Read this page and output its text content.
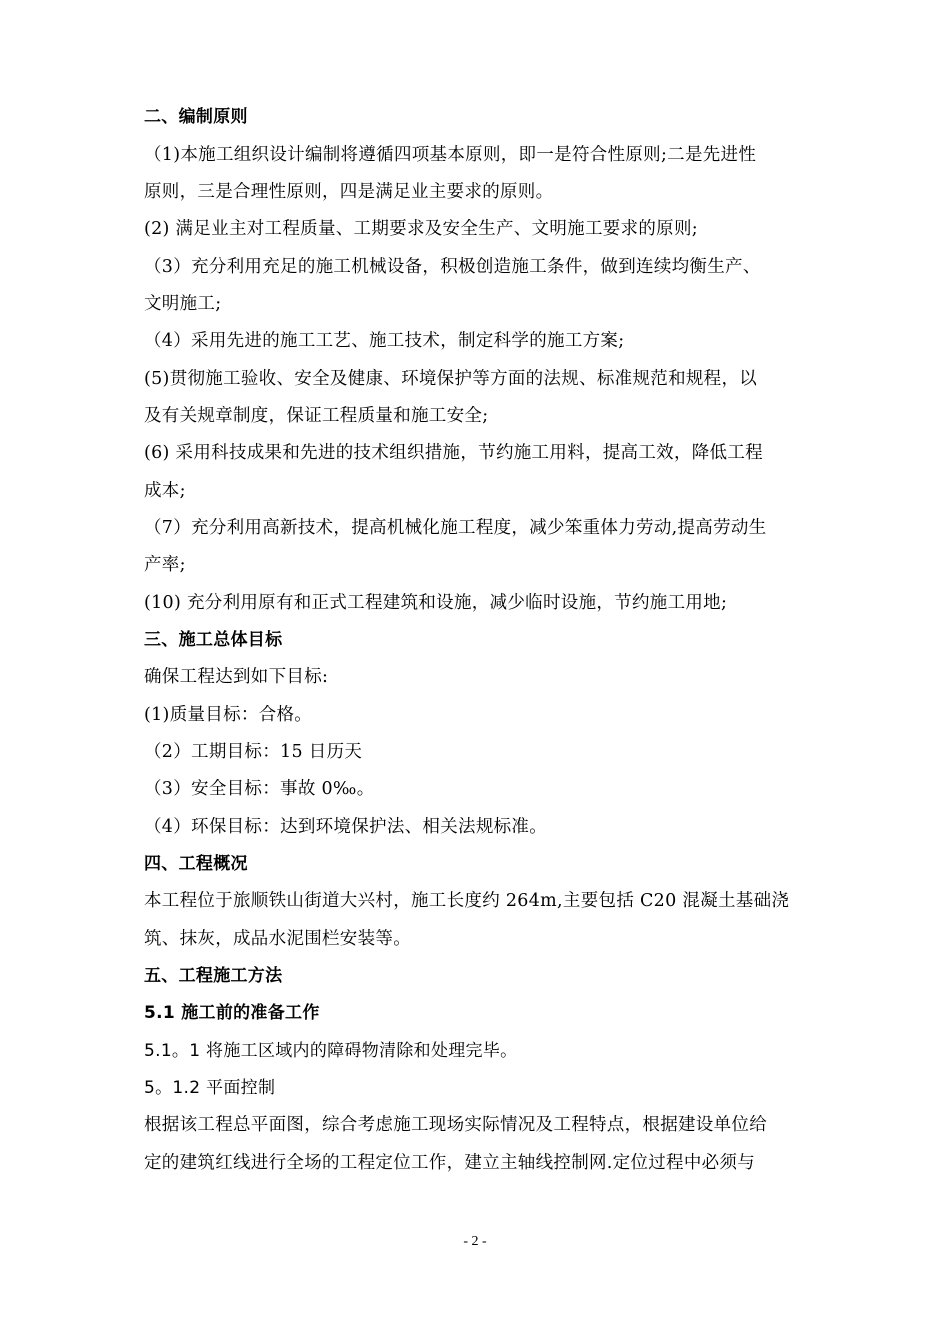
二、编制原则
（1)本施工组织设计编制将遵循四项基本原则，即一是符合性原则;二是先进性
原则，三是合理性原则，四是满足业主要求的原则。
(2) 满足业主对工程质量、工期要求及安全生产、文明施工要求的原则;
（3）充分利用充足的施工机械设备，积极创造施工条件，做到连续均衡生产、
文明施工;
（4）采用先进的施工工艺、施工技术，制定科学的施工方案;
(5)贯彻施工验收、安全及健康、环境保护等方面的法规、标准规范和规程，以
及有关规章制度，保证工程质量和施工安全;
(6) 采用科技成果和先进的技术组织措施，节约施工用料，提高工效，降低工程
成本;
（7）充分利用高新技术，提高机械化施工程度，减少笨重体力劳动,提高劳动生
产率;
(10) 充分利用原有和正式工程建筑和设施，减少临时设施，节约施工用地;
三、施工总体目标
确保工程达到如下目标:
(1)质量目标：合格。
（2）工期目标：15 日历天
（3）安全目标：事故 0‰。
（4）环保目标：达到环境保护法、相关法规标准。
四、工程概况
本工程位于旅顺铁山街道大兴村，施工长度约 264m,主要包括 C20 混凝土基础浇
筑、抹灰，成品水泥围栏安装等。
五、工程施工方法
5.1 施工前的准备工作
5.1。1 将施工区域内的障碍物清除和处理完毕。
5。1.2 平面控制
根据该工程总平面图，综合考虑施工现场实际情况及工程特点，根据建设单位给
定的建筑红线进行全场的工程定位工作，建立主轴线控制网.定位过程中必须与
- 2 -
